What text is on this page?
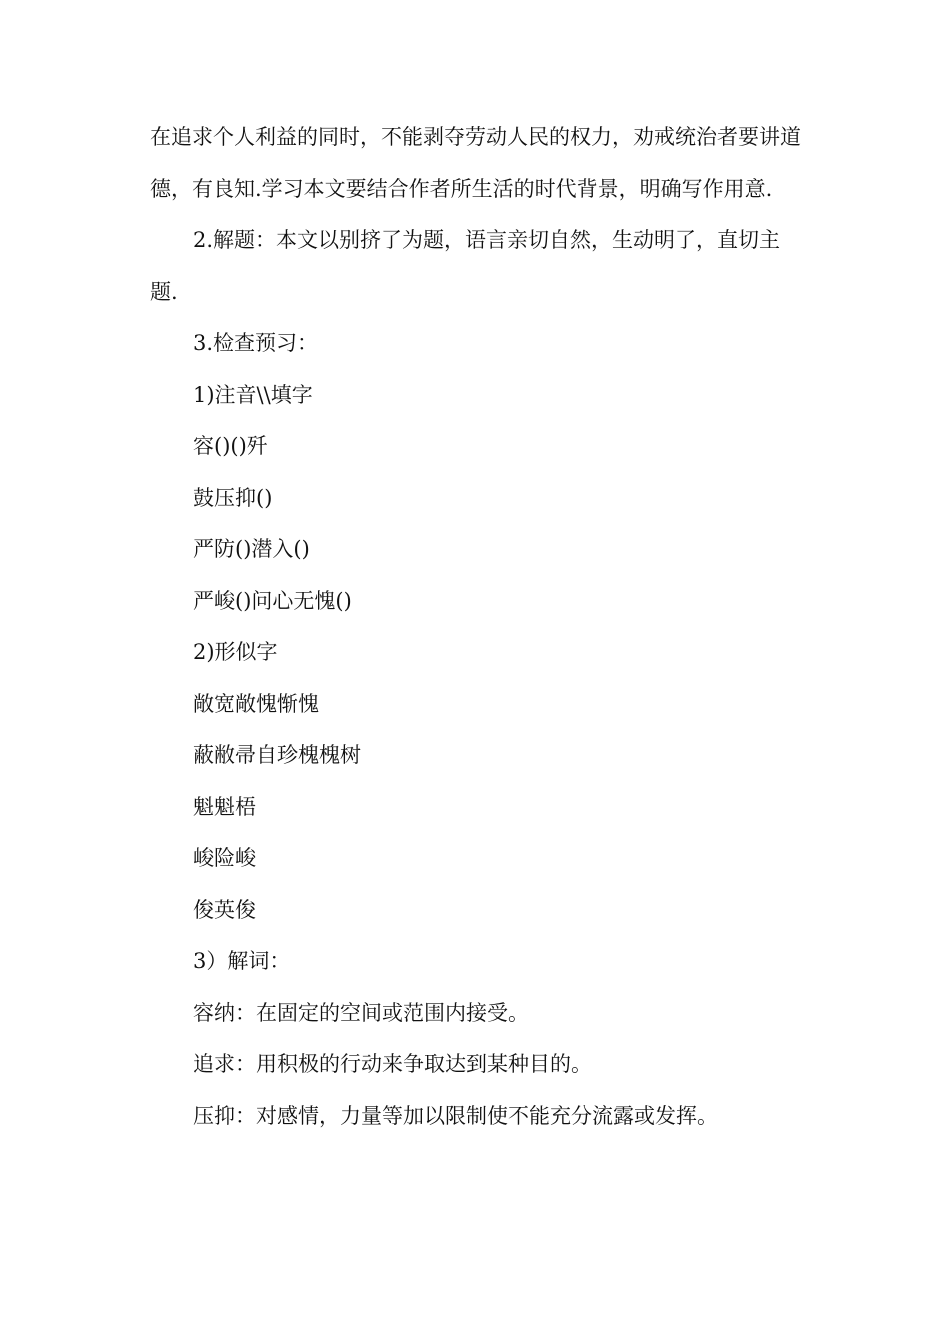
在追求个人利益的同时，不能剥夺劳动人民的权力，劝戒统治者要讲道德，有良知.学习本文要结合作者所生活的时代背景，明确写作用意.

2.解题：本文以别挤了为题，语言亲切自然，生动明了，直切主题.

3.检查预习：

1)注音\\填字

容()()歼

鼓压抑()

严防()潜入()

严峻()问心无愧()

2)形似字

敞宽敞愧惭愧

蔽敝帚自珍槐槐树

魁魁梧

峻险峻

俊英俊

3）解词：

容纳：在固定的空间或范围内接受。

追求：用积极的行动来争取达到某种目的。

压抑：对感情，力量等加以限制使不能充分流露或发挥。
